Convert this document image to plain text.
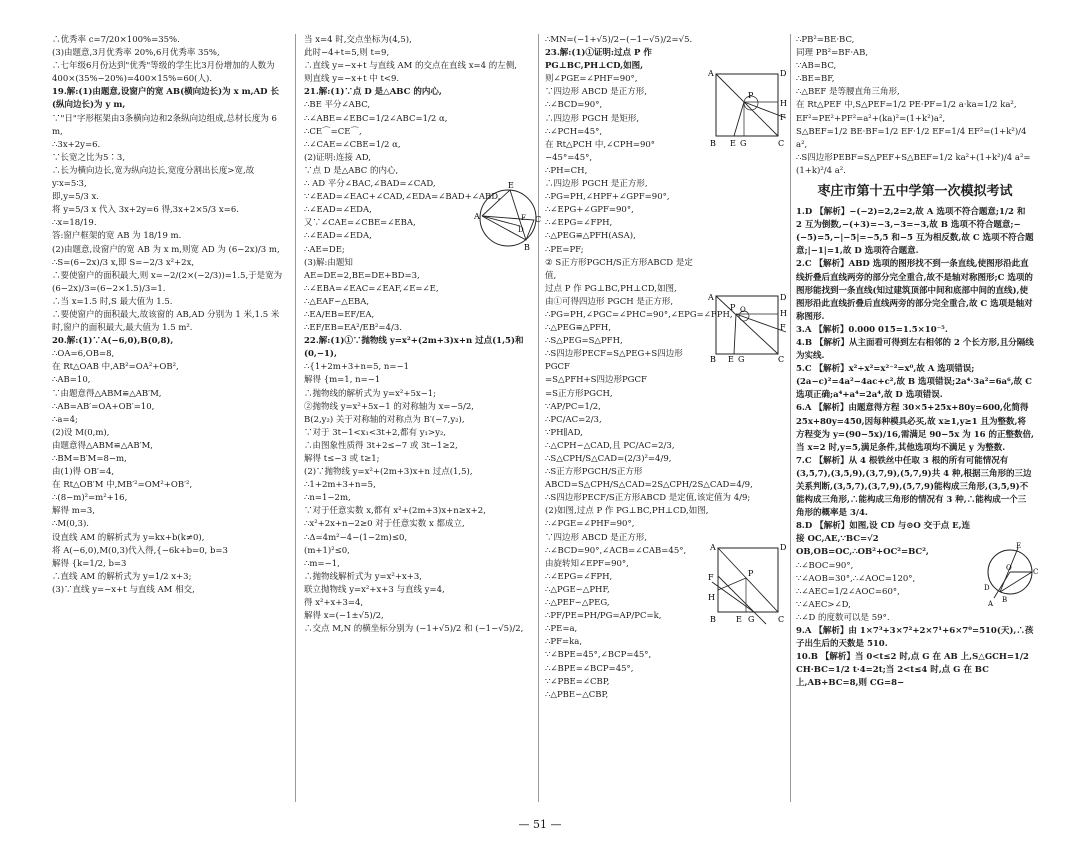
∴优秀率 c=7/20×100%=35%.

(3)由题意,3月优秀率 20%,6月优秀率 35%,

∴七年级6月份达到"优秀"等级的学生比3月份增加的人数为

400×(35%−20%)=400×15%=60(人).

19.解:(1)由题意,设窗户的宽 AB(横向边长)为 x m,AD 长(纵向边长)为 y m,

∵"日"字形框架由3条横向边和2条纵向边组成,总材长度为 6 m,

∴3x+2y=6.

∵长宽之比为5∶3,

∴长为横向边长,宽为纵向边长,宽度分割出长度>宽,故 y∶x=5∶3,

即,y=5/3 x.

将 y=5/3 x 代入 3x+2y=6 得,3x+2×5/3 x=6.

∴x=18/19.

答:窗户框架的宽 AB 为 18/19 m.

(2)由题意,设窗户的宽 AB 为 x m,则宽 AD 为 (6−2x)/3 m,

∴S=(6−2x)/3 x,即 S=−2/3 x²+2x,

∴要使窗户的面积最大,则 x=−2/(2×(−2/3))=1.5,于是宽为

(6−2x)/3=(6−2×1.5)/3=1.

∴当 x=1.5 时,S 最大值为 1.5.

∴要使窗户的面积最大,故该窗的 AB,AD 分别为 1 米,1.5 米时,窗户的面积最大,最大值为 1.5 m².

20.解:(1)∵A(−6,0),B(0,8),

∴OA=6,OB=8,

在 Rt△OAB 中,AB²=OA²+OB²,

∴AB=10,

∵由题意得△ABM≌△AB′M,

∴AB=AB′=OA+OB′=10,

∴a=4;

(2)设 M(0,m),

由题意得△ABM≌△AB′M,

∴BM=B′M=8−m,

由(1)得 OB′=4,

在 Rt△OB′M 中,MB′²=OM²+OB′²,

∴(8−m)²=m²+16,

解得 m=3,

∴M(0,3).

设直线 AM 的解析式为 y=kx+b(k≠0),

将 A(−6,0),M(0,3)代入得,{−6k+b=0, b=3

解得 {k=1/2, b=3

∴直线 AM 的解析式为 y=1/2 x+3;

(3)∵直线 y=−x+t 与直线 AM 相交,

当 x=4 时,交点坐标为(4,5),

此时−4+t=5,则 t=9,

∴直线 y=−x+t 与直线 AM 的交点在直线 x=4 的左侧,

则直线 y=−x+t 中 t<9.

21.解:(1)∵点 D 是△ABC 的内心,

∴BE 平分∠ABC,

∴∠ABE=∠EBC=1/2∠ABC=1/2 α,

∴CE⌒=CE⌒,

∴∠CAE=∠CBE=1/2 α,

(2)证明:连接 AD,

∵点 D 是△ABC 的内心,

∴ AD 平分∠BAC,∠BAD=∠CAD,

∵∠EAD=∠EAC+∠CAD,∠EDA=∠BAD+∠ABD,

∴∠EAD=∠EDA,

又∵∠CAE=∠CBE=∠EBA,

∴∠EAD=∠EDA,

∴AE=DE;

(3)解:由题知 AE=DE=2,BE=DE+BD=3,

∴∠EBA=∠EAC=∠EAF,∠E=∠E,

∴△EAF∽△EBA,

∴EA/EB=EF/EA,

∴EF/EB=EA²/EB²=4/3.

22.解:(1)①∵抛物线 y=x²+(2m+3)x+n 过点(1,5)和(0,−1),

∴{1+2m+3+n=5, n=−1

解得 {m=1, n=−1

∴抛物线的解析式为 y=x²+5x−1;

②抛物线 y=x²+5x−1 的对称轴为 x=−5/2,

B(2,y₂) 关于对称轴的对称点为 B′(−7,y₂),

∵对于 3t−1<x₁<3t+2,都有 y₁>y₂,

∴由图象性质得 3t+2≤−7 或 3t−1≥2,

解得 t≤−3 或 t≥1;

(2)∵抛物线 y=x²+(2m+3)x+n 过点(1,5),

∴1+2m+3+n=5,

∴n=1−2m,

∵对于任意实数 x,都有 x²+(2m+3)x+n≥x+2,

∴x²+2x+n−2≥0 对于任意实数 x 都成立,

∴Δ=4m²−4−(1−2m)≤0,

(m+1)²≤0,

∴m=−1,

∴抛物线解析式为 y=x²+x+3,

联立抛物线 y=x²+x+3 与直线 y=4,

得 x²+x+3=4,

解得 x=(−1±√5)/2,

∴交点 M,N 的横坐标分别为 (−1+√5)/2 和 (−1−√5)/2,

∴MN=(−1+√5)/2−(−1−√5)/2=√5.

23.解:(1)①证明:过点 P 作 PG⊥BC,PH⊥CD,如图,

则∠PGE=∠PHF=90°,

∵四边形 ABCD 是正方形,

∴∠BCD=90°,

∴四边形 PGCH 是矩形,

∴∠PCH=45°,

在 Rt△PCH 中,∠CPH=90°−45°=45°,

∴PH=CH,

∴四边形 PGCH 是正方形,

∴PG=PH,∠HPF+∠GPF=90°,

∴∠EPG+∠GPF=90°,

∴∠EPG=∠FPH,

∴△PEG≌△PFH(ASA),

∴PE=PF;

② S正方形PGCH/S正方形ABCD 是定值,

过点 P 作 PG⊥BC,PH⊥CD,如图,

由①可得四边形 PGCH 是正方形,

∴PG=PH,∠PGC=∠PHC=90°,∠EPG=∠FPH,

∴△PEG≌△PFH,

∴S△PEG=S△PFH,

∴S四边形PECF=S△PEG+S四边形PGCF

=S△PFH+S四边形PGCF

=S正方形PGCH,

∵AP/PC=1/2,

∴PC/AC=2/3,

∵PH∥AD,

∴△CPH∽△CAD,且 PC/AC=2/3,

∴S△CPH/S△CAD=(2/3)²=4/9,

∴S正方形PGCH/S正方形ABCD=S△CPH/S△CAD=2S△CPH/2S△CAD=4/9,

∴S四边形PECF/S正方形ABCD 是定值,该定值为 4/9;

(2)如图,过点 P 作 PG⊥BC,PH⊥CD,如图,

∴∠PGE=∠PHF=90°,

∵四边形 ABCD 是正方形,

∴∠BCD=90°,∠ACB=∠CAB=45°,

由旋转知∠EPF=90°,

∴∠EPG=∠FPH,

∴△PGE∽△PHF,

∴△PEF∽△PEG,

∴PF/PE=PH/PG=AP/PC=k,

∴PE=a,

∴PF=ka,

∵∠BPE=45°,∠BCP=45°,

∴∠BPE=∠BCP=45°,

∵∠PBE=∠CBP,

∴△PBE∽△CBP,

∴PB²=BE·BC,

同理 PB²=BF·AB,

∵AB=BC,

∴BE=BF,

∴△BEF 是等腰直角三角形,

在 Rt△PEF 中,S△PEF=1/2 PE·PF=1/2 a·ka=1/2 ka²,

EF²=PE²+PF²=a²+(ka)²=(1+k²)a²,

S△BEF=1/2 BE·BF=1/2 EF·1/2 EF=1/4 EF²=(1+k²)/4 a²,

∴S四边形PEBF=S△PEF+S△BEF=1/2 ka²+(1+k²)/4 a²=(1+k)²/4 a².

枣庄市第十五中学第一次模拟考试

1.D 【解析】−(−2)=2,2=2,故 A 选项不符合题意;1/2 和 2 互为倒数,−(+3)=−3,−3=−3,故 B 选项不符合题意;−(−5)=5,−|−5|=−5,5 和−5 互为相反数,故 C 选项不符合题意;|−1|=1,故 D 选项符合题意.

2.C 【解析】ABD 选项的图形找不到一条直线,使图形沿此直线折叠后直线两旁的部分完全重合,故不是轴对称图形;C 选项的图形能找到一条直线(知过建筑顶部中间和底部中间的直线),使图形沿此直线折叠后直线两旁的部分完全重合,故 C 选项是轴对称图形.

3.A 【解析】0.000 015=1.5×10⁻⁵.

4.B 【解析】从主面看可得到左右相邻的 2 个长方形,且分隔线为实线.

5.C 【解析】x²÷x²=x²⁻²=x⁰,故 A 选项错误;(2a−c)²=4a²−4ac+c²,故 B 选项错误;2a⁴·3a²=6a⁶,故 C 选项正确;a⁴+a⁴=2a⁴,故 D 选项错误.

6.A 【解析】由题意得方程 30×5+25x+80y=600,化简得 25x+80y=450,因每种模具必买,故 x≥1,y≥1 且为整数,将方程变为 y=(90−5x)/16,需满足 90−5x 为 16 的正整数倍,当 x=2 时,y=5,满足条件,其他选项均不满足 y 为整数.

7.C 【解析】从 4 根铁丝中任取 3 根的所有可能情况有(3,5,7),(3,5,9),(3,7,9),(5,7,9)共 4 种,根据三角形的三边关系判断,(3,5,7),(3,7,9),(5,7,9)能构成三角形,(3,5,9)不能构成三角形,∴能构成三角形的情况有 3 种,∴能构成一个三角形的概率是 3/4.

8.D 【解析】如图,设 CD 与⊙O 交于点 E,连接 OC,AE,∵BC=√2 OB,OB=OC,∴OB²+OC²=BC²,

∴∠BOC=90°,

∵∠AOB=30°,∴∠AOC=120°,

∴∠AEC=1/2∠AOC=60°,

∵∠AEC>∠D,

∴∠D 的度数可以是 59°.

9.A 【解析】由 1×7³+3×7²+2×7¹+6×7⁰=510(天),∴孩子出生后的天数是 510.

10.B 【解析】当 0<t≤2 时,点 G 在 AB 上,S△GCH=1/2 CH·BC=1/2 t·4=2t;当 2<t≤4 时,点 G 在 BC 上,AB+BC=8,则 CG=8−

A
B
C
D
E
F
A	D
P
H
F
B E G	C
A	D
O
P
H
F
B E G	C
A	D
F
H
P
B	E G	C
E
O	C
B
D
A
— 51 —
